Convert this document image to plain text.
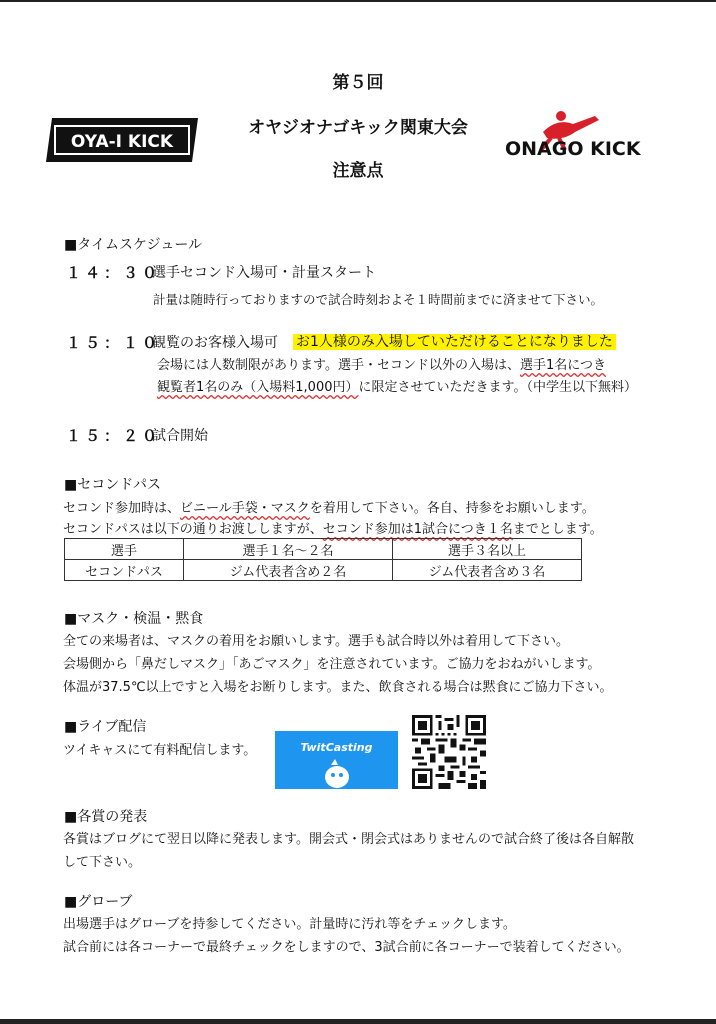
第５回
オヤジオナゴキック関東大会
注意点
OYA-I KICK	ONAGO KICK
■タイムスケジュール
１４：３０
選手セコンド入場可・計量スタート
計量は随時行っておりますので試合時刻およそ１時間前までに済ませて下さい。
１５：１０
観覧のお客様入場可 お1人様のみ入場していただけることになりました
会場には人数制限があります。選手・セコンド以外の入場は、選手1名につき
観覧者1名のみ（入場料1,000円）に限定させていただきます。（中学生以下無料）
１５：２０
試合開始
■セコンドパス
セコンド参加時は、ビニール手袋・マスクを着用して下さい。各自、持参をお願いします。
セコンドパスは以下の通りお渡ししますが、セコンド参加は1試合につき１名までとします。
選手	選手１名～２名	選手３名以上
セコンドパス	ジム代表者含め２名	ジム代表者含め３名
■マスク・検温・黙食
全ての来場者は、マスクの着用をお願いします。選手も試合時以外は着用して下さい。
会場側から「鼻だしマスク」「あごマスク」を注意されています。ご協力をおねがいします。
体温が37.5℃以上ですと入場をお断りします。また、飲食される場合は黙食にご協力下さい。
■ライブ配信
ツイキャスにて有料配信します。	TwitCasting
■各賞の発表
各賞はブログにて翌日以降に発表します。開会式・閉会式はありませんので試合終了後は各自解散
して下さい。
■グローブ
出場選手はグローブを持参してください。計量時に汚れ等をチェックします。
試合前には各コーナーで最終チェックをしますので、3試合前に各コーナーで装着してください。
